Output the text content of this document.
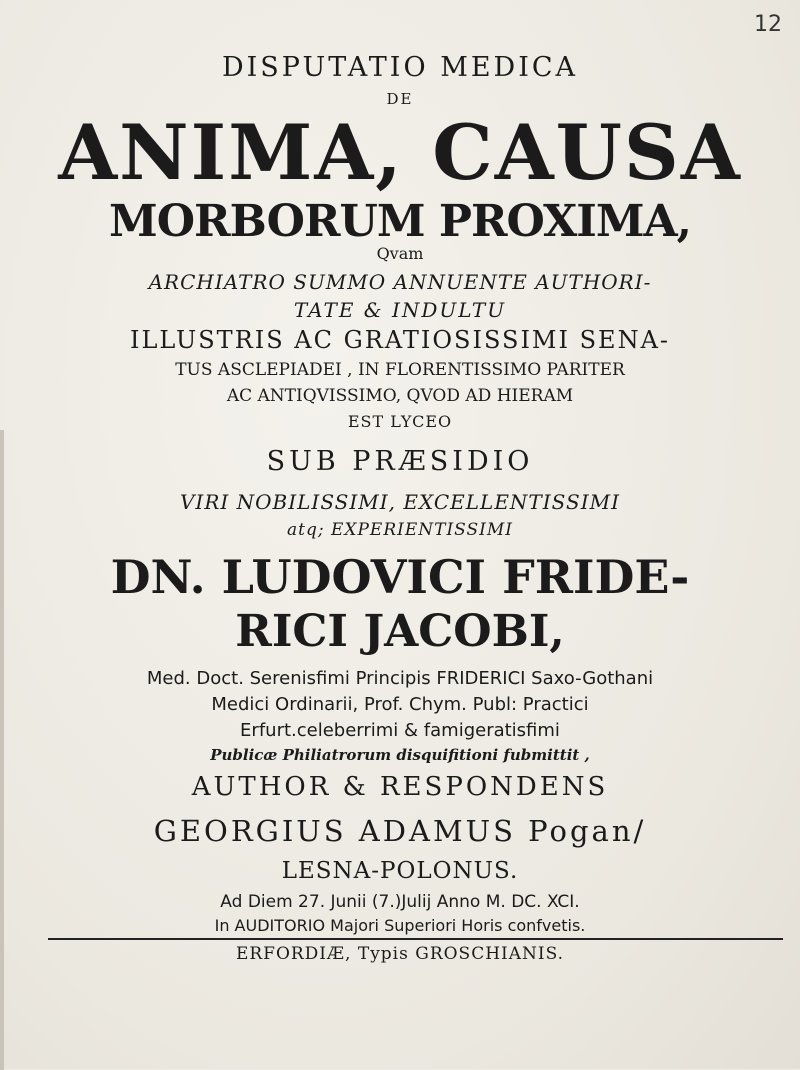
12
DISPUTATIO MEDICA
DE
ANIMA, CAUSA
MORBORUM PROXIMA,
Qvam
ARCHIATRO SUMMO ANNUENTE AUTHORI-
TATE & INDULTU
ILLUSTRIS AC GRATIOSISSIMI SENA-
TUS ASCLEPIADEI , IN FLORENTISSIMO PARITER
AC ANTIQVISSIMO, QVOD AD HIERAM
EST LYCEO
SUB PRÆSIDIO
VIRI NOBILISSIMI, EXCELLENTISSIMI
atq; EXPERIENTISSIMI
DN. LUDOVICI FRIDE-
RICI JACOBI,
Med. Doct. Serenisfimi Principis FRIDERICI Saxo-Gothani
Medici Ordinarii, Prof. Chym. Publ: Practici
Erfurt.celeberrimi & famigeratisfimi
Publicæ Philiatrorum disquifitioni fubmittit ,
AUTHOR & RESPONDENS
GEORGIUS ADAMUS Pogan/
LESNA-POLONUS.
Ad Diem 27. Junii (7.)Julij Anno M. DC. XCI.
In AUDITORIO Majori Superiori Horis confvetis.
ERFORDIÆ, Typis GROSCHIANIS.
